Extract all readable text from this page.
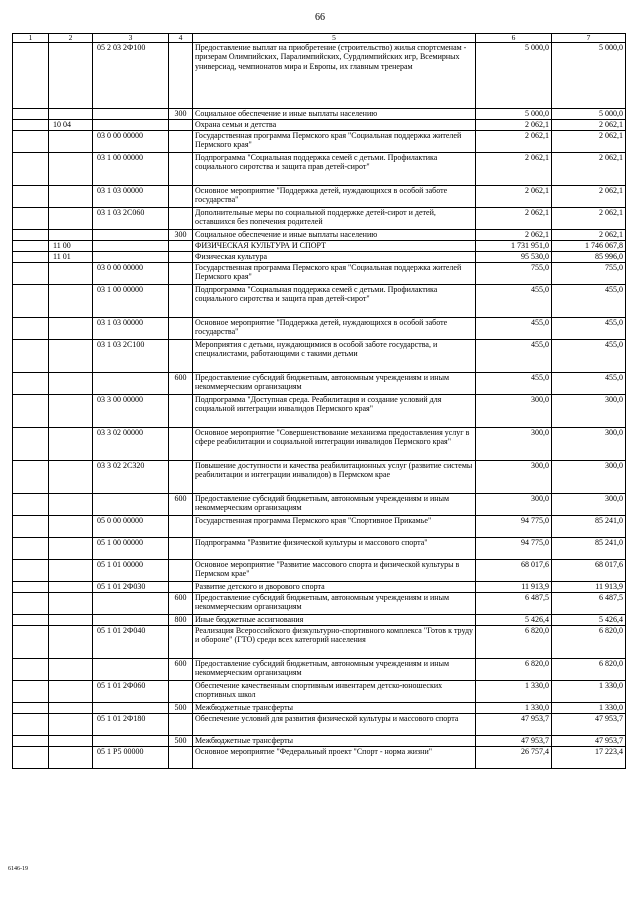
66
1	2	3	4	5	6	7
		05 2 03 2Ф100		Предоставление выплат на приобретение (строительство) жилья спортсменам - призерам Олимпийских, Паралимпийских, Сурдлимпийских игр, Всемирных универсиад, чемпионатов мира и Европы, их главным тренерам	5 000,0	5 000,0
			300	Социальное обеспечение и иные выплаты населению	5 000,0	5 000,0
	10 04			Охрана семьи и детства	2 062,1	2 062,1
		03 0 00 00000		Государственная программа Пермского края "Социальная поддержка жителей Пермского края"	2 062,1	2 062,1
		03 1 00 00000		Подпрограмма "Социальная поддержка семей с детьми. Профилактика социального сиротства и защита прав детей-сирот"	2 062,1	2 062,1
		03 1 03 00000		Основное мероприятие "Поддержка детей, нуждающихся в особой заботе государства"	2 062,1	2 062,1
		03 1 03 2С060		Дополнительные меры по социальной поддержке детей-сирот и детей, оставшихся без попечения родителей	2 062,1	2 062,1
			300	Социальное обеспечение и иные выплаты населению	2 062,1	2 062,1
	11 00			ФИЗИЧЕСКАЯ КУЛЬТУРА И СПОРТ	1 731 951,0	1 746 067,8
	11 01			Физическая культура	95 530,0	85 996,0
		03 0 00 00000		Государственная программа Пермского края "Социальная поддержка жителей Пермского края"	755,0	755,0
		03 1 00 00000		Подпрограмма "Социальная поддержка семей с детьми. Профилактика социального сиротства и защита прав детей-сирот"	455,0	455,0
		03 1 03 00000		Основное мероприятие "Поддержка детей, нуждающихся в особой заботе государства"	455,0	455,0
		03 1 03 2С100		Мероприятия с детьми, нуждающимися в особой заботе государства, и специалистами, работающими с такими детьми	455,0	455,0
			600	Предоставление субсидий бюджетным, автономным учреждениям и иным некоммерческим организациям	455,0	455,0
		03 3 00 00000		Подпрограмма "Доступная среда. Реабилитация и создание условий для социальной интеграции инвалидов Пермского края"	300,0	300,0
		03 3 02 00000		Основное мероприятие "Совершенствование механизма предоставления услуг в сфере реабилитации и социальной интеграции инвалидов Пермского края"	300,0	300,0
		03 3 02 2С320		Повышение доступности и качества реабилитационных услуг (развитие системы реабилитации и интеграции инвалидов) в Пермском крае	300,0	300,0
			600	Предоставление субсидий бюджетным, автономным учреждениям и иным некоммерческим организациям	300,0	300,0
		05 0 00 00000		Государственная программа Пермского края "Спортивное Прикамье"	94 775,0	85 241,0
		05 1 00 00000		Подпрограмма "Развитие физической культуры и массового спорта"	94 775,0	85 241,0
		05 1 01 00000		Основное мероприятие "Развитие массового спорта и физической культуры в Пермском крае"	68 017,6	68 017,6
		05 1 01 2Ф030		Развитие детского и дворового спорта	11 913,9	11 913,9
			600	Предоставление субсидий бюджетным, автономным учреждениям и иным некоммерческим организациям	6 487,5	6 487,5
			800	Иные бюджетные ассигнования	5 426,4	5 426,4
		05 1 01 2Ф040		Реализация Всероссийского физкультурно-спортивного комплекса "Готов к труду и обороне" (ГТО) среди всех категорий населения	6 820,0	6 820,0
			600	Предоставление субсидий бюджетным, автономным учреждениям и иным некоммерческим организациям	6 820,0	6 820,0
		05 1 01 2Ф060		Обеспечение качественным спортивным инвентарем детско-юношеских спортивных школ	1 330,0	1 330,0
			500	Межбюджетные трансферты	1 330,0	1 330,0
		05 1 01 2Ф180		Обеспечение условий для развития физической культуры и массового спорта	47 953,7	47 953,7
			500	Межбюджетные трансферты	47 953,7	47 953,7
		05 1 P5 00000		Основное мероприятие "Федеральный проект "Спорт - норма жизни"	26 757,4	17 223,4
6146-19
